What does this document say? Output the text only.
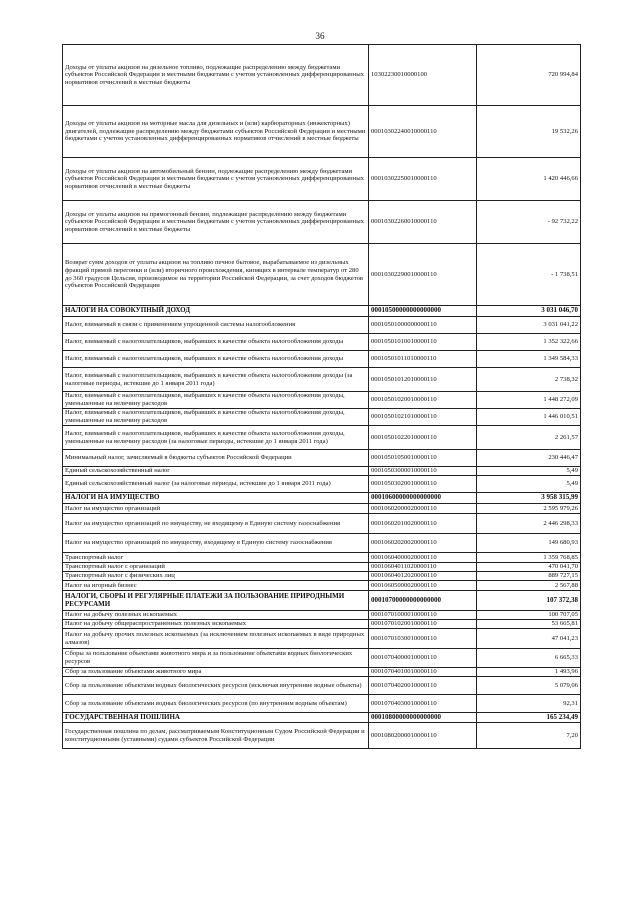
36
Доходы от уплаты акцизов на дизельное топливо, подлежащие распределению между бюджетами субъектов Российской Федерации и местными бюджетами с учетом установленных дифференцированных нормативов отчислений в местные бюджеты	10302230010000100	720 994,84
Доходы от уплаты акцизов на моторные масла для дизельных и (или) карбюраторных (инжекторных) двигателей, подлежащие распределению между бюджетами субъектов Российской Федерации и местными бюджетами с учетом установленных дифференцированных нормативов отчислений в местные бюджеты	00010302240010000110	19 532,26
Доходы от уплаты акцизов на автомобильный бензин, подлежащие распределению между бюджетами субъектов Российской Федерации и местными бюджетами с учетом установленных дифференцированных нормативов отчислений в местные бюджеты	00010302250010000110	1 420 446,66
Доходы от уплаты акцизов на прямогонный бензин, подлежащие распределению между бюджетами субъектов Российской Федерации и местными бюджетами с учетом установленных дифференцированных нормативов отчислений в местные бюджеты	00010302260010000110	- 92 732,22
Возврат сумм доходов от уплаты акцизов на топливо печное бытовое, вырабатываемое из дизельных фракций прямой перегонки и (или) вторичного происхождения, кипящих в интервале температур от 280 до 360 градусов Цельсия, производимое на территории Российской Федерации, за счет доходов бюджетов субъектов Российской Федерации	00010302290010000110	- 1 738,51
НАЛОГИ НА СОВОКУПНЫЙ ДОХОД	00010500000000000000	3 031 046,70
Налог, взимаемый в связи с применением упрощенной системы налогообложения	00010501000000000110	3 031 041,22
Налог, взимаемый с налогоплательщиков, выбравших в качестве объекта налогообложения доходы	00010501010010000110	1 352 322,66
Налог, взимаемый с налогоплательщиков, выбравших в качестве объекта налогообложения доходы	00010501011010000110	1 349 584,33
Налог, взимаемый с налогоплательщиков, выбравших в качестве объекта налогообложения доходы (за налоговые периоды, истекшие до 1 января 2011 года)	00010501012010000110	2 738,32
Налог, взимаемый с налогоплательщиков, выбравших в качестве объекта налогообложения доходы, уменьшенные на величину расходов	00010501020010000110	1 448 272,09
Налог, взимаемый с налогоплательщиков, выбравших в качестве объекта налогообложения доходы, уменьшенные на величину расходов	00010501021010000110	1 446 010,51
Налог, взимаемый с налогоплательщиков, выбравших в качестве объекта налогообложения доходы, уменьшенные на величину расходов (за налоговые периоды, истекшие до 1 января 2011 года)	00010501022010000110	2 261,57
Минимальный налог, зачисляемый в бюджеты субъектов Российской Федерации	00010501050010000110	230 446,47
Единый сельскохозяйственный налог	00010503000010000110	5,49
Единый сельскохозяйственный налог (за налоговые периоды, истекшие до 1 января 2011 года)	00010503020010000110	5,49
НАЛОГИ НА ИМУЩЕСТВО	00010600000000000000	3 958 315,99
Налог на имущество организаций	00010602000020000110	2 595 979,26
Налог на имущество организаций по имуществу, не входящему в Единую систему газоснабжения	00010602010020000110	2 446 298,33
Налог на имущество организаций по имуществу, входящему в Единую систему газоснабжения	00010602020020000110	149 680,93
Транспортный налог	00010604000020000110	1 359 768,85
Транспортный налог с организаций	00010604011020000110	470 041,70
Транспортный налог с физических лиц	00010604012020000110	889 727,15
Налог на игорный бизнес	00010605000020000110	2 567,88
НАЛОГИ, СБОРЫ И РЕГУЛЯРНЫЕ ПЛАТЕЖИ ЗА ПОЛЬЗОВАНИЕ ПРИРОДНЫМИ РЕСУРСАМИ	00010700000000000000	107 372,38
Налог на добычу полезных ископаемых	00010701000010000110	100 707,05
Налог на добычу общераспространенных полезных ископаемых	00010701020010000110	53 665,81
Налог на добычу прочих полезных ископаемых (за исключением полезных ископаемых в виде природных алмазов)	00010701030010000110	47 041,23
Сборы за пользование объектами животного мира и за пользование объектами водных биологических ресурсов	00010704000010000110	6 665,33
Сбор за пользование объектами животного мира	00010704010010000110	1 493,96
Сбор за пользование объектами водных биологических ресурсов (исключая внутренние водные объекты)	00010704020010000110	5 079,06
Сбор за пользование объектами водных биологических ресурсов (по внутренним водным объектам)	00010704030010000110	92,31
ГОСУДАРСТВЕННАЯ ПОШЛИНА	00010800000000000000	165 234,49
Государственная пошлина по делам, рассматриваемым Конституционным Судом Российской Федерации и конституционными (уставными) судами субъектов Российской Федерации	00010802000010000110	7,20
